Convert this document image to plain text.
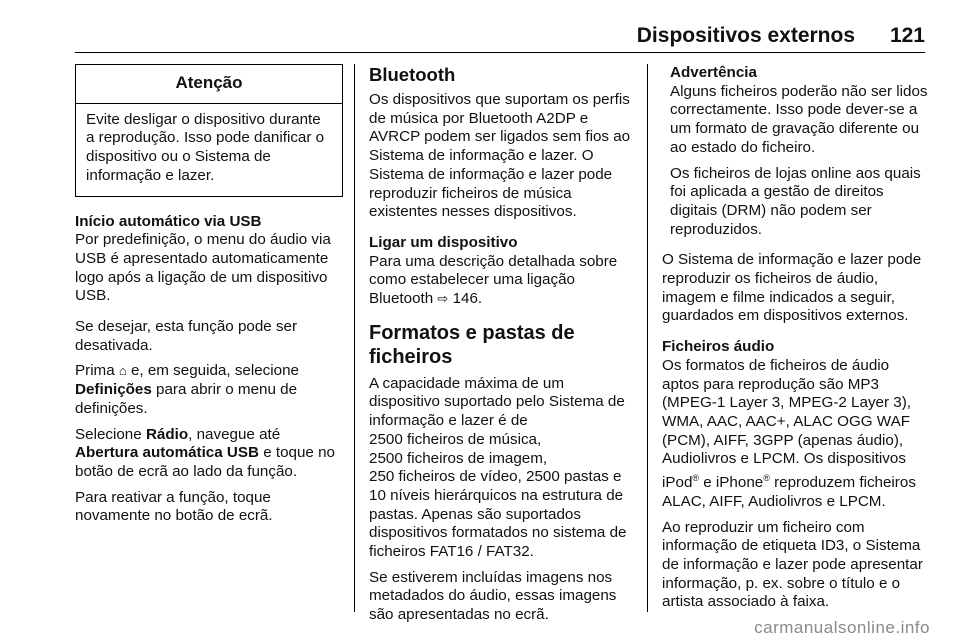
Dispositivos externos 121
Atenção
Evite desligar o dispositivo durante a reprodução. Isso pode danificar o dispositivo ou o Sistema de informação e lazer.

Início automático via USB
Por predefinição, o menu do áudio via USB é apresentado automaticamente logo após a ligação de um dispositivo USB.

Se desejar, esta função pode ser desativada.

Prima ⌂ e, em seguida, selecione Definições para abrir o menu de definições.

Selecione Rádio, navegue até Abertura automática USB e toque no botão de ecrã ao lado da função.

Para reativar a função, toque novamente no botão de ecrã.

Bluetooth

Os dispositivos que suportam os perfis de música por Bluetooth A2DP e AVRCP podem ser ligados sem fios ao Sistema de informação e lazer. O Sistema de informação e lazer pode reproduzir ficheiros de música existentes nesses dispositivos.

Ligar um dispositivo
Para uma descrição detalhada sobre como estabelecer uma ligação Bluetooth ⇨ 146.

Formatos e pastas de ficheiros

A capacidade máxima de um dispositivo suportado pelo Sistema de informação e lazer é de
2500 ficheiros de música,
2500 ficheiros de imagem,
250 ficheiros de vídeo, 2500 pastas e 10 níveis hierárquicos na estrutura de pastas. Apenas são suportados dispositivos formatados no sistema de ficheiros FAT16 / FAT32.

Se estiverem incluídas imagens nos metadados do áudio, essas imagens são apresentadas no ecrã.

Advertência

Alguns ficheiros poderão não ser lidos correctamente. Isso pode dever-se a um formato de gravação diferente ou ao estado do ficheiro.

Os ficheiros de lojas online aos quais foi aplicada a gestão de direitos digitais (DRM) não podem ser reproduzidos.

O Sistema de informação e lazer pode reproduzir os ficheiros de áudio, imagem e filme indicados a seguir, guardados em dispositivos externos.

Ficheiros áudio
Os formatos de ficheiros de áudio aptos para reprodução são MP3 (MPEG-1 Layer 3, MPEG-2 Layer 3), WMA, AAC, AAC+, ALAC OGG WAF (PCM), AIFF, 3GPP (apenas áudio), Audiolivros e LPCM. Os dispositivos iPod® e iPhone® reproduzem ficheiros ALAC, AIFF, Audiolivros e LPCM.

Ao reproduzir um ficheiro com informação de etiqueta ID3, o Sistema de informação e lazer pode apresentar informação, p. ex. sobre o título e o artista associado à faixa.

carmanualsonline.info
